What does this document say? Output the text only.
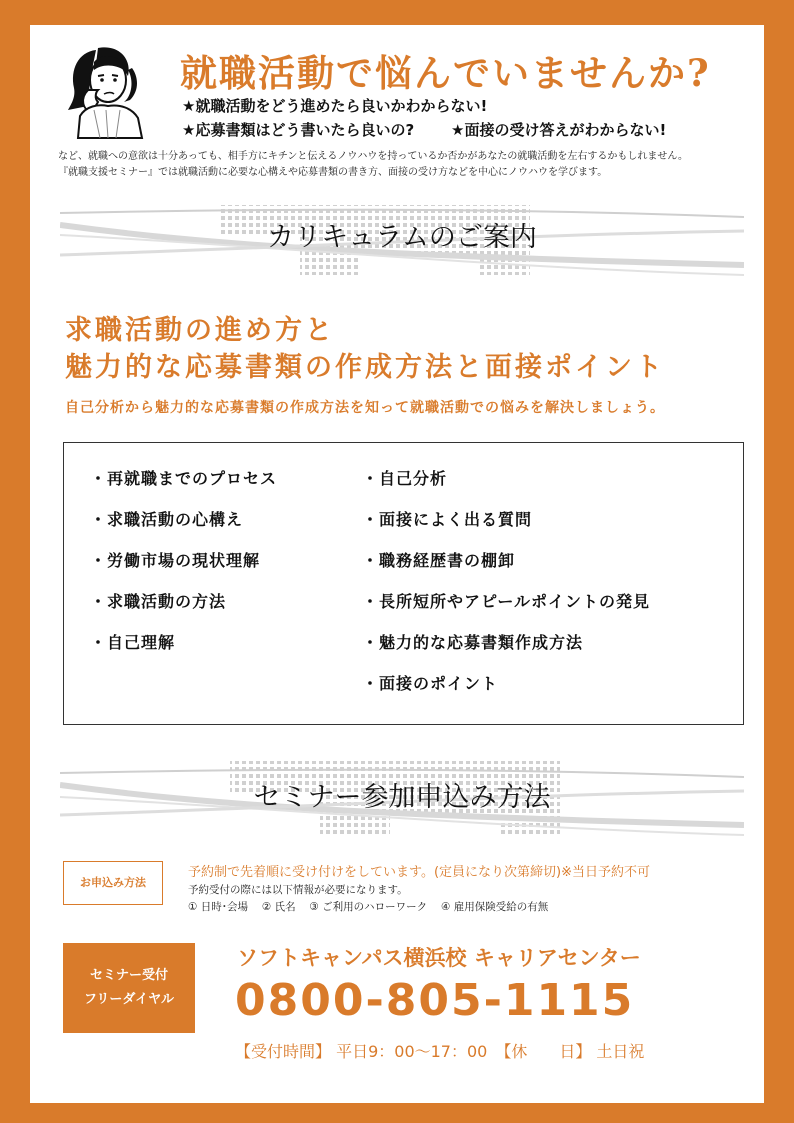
就職活動で悩んでいませんか?
★就職活動をどう進めたら良いかわからない!
★応募書類はどう書いたら良いの? ★面接の受け答えがわからない!
など、就職への意欲は十分あっても、相手方にキチンと伝えるノウハウを持っているか否かがあなたの就職活動を左右するかもしれません。
『就職支援セミナー』では就職活動に必要な心構えや応募書類の書き方、面接の受け方などを中心にノウハウを学びます。
カリキュラムのご案内
求職活動の進め方と
魅力的な応募書類の作成方法と面接ポイント
自己分析から魅力的な応募書類の作成方法を知って就職活動での悩みを解決しましょう。
・再就職までのプロセス
・求職活動の心構え
・労働市場の現状理解
・求職活動の方法
・自己理解
・自己分析
・面接によく出る質問
・職務経歴書の棚卸
・長所短所やアピールポイントの発見
・魅力的な応募書類作成方法
・面接のポイント
セミナー参加申込み方法
お申込み方法
予約制で先着順に受け付けをしています。(定員になり次第締切)※当日予約不可
予約受付の際には以下情報が必要になります。
① 日時･会場　 ② 氏名　 ③ ご利用のハローワーク　 ④ 雇用保険受給の有無
セミナー受付
フリーダイヤル
ソフトキャンパス横浜校 キャリアセンター
0800-805-1115
【受付時間】 平日9：00～17：00　【休　　日】 土日祝
